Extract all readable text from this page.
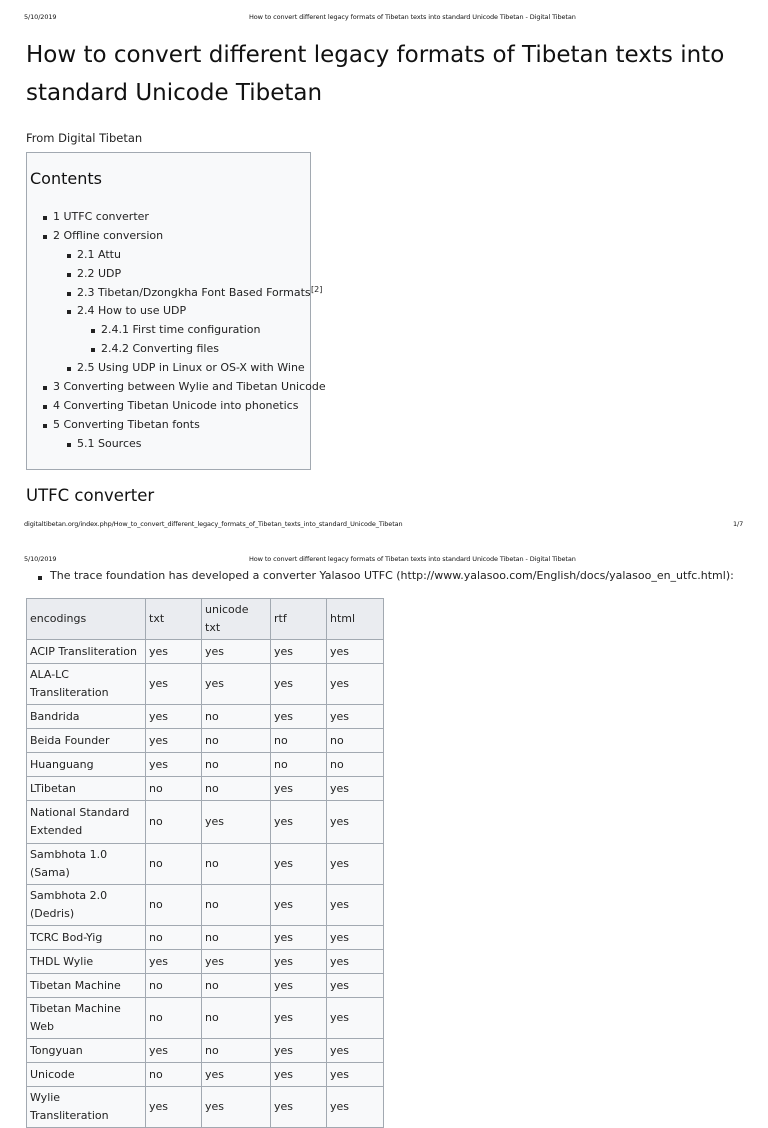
5/10/2019	How to convert different legacy formats of Tibetan texts into standard Unicode Tibetan - Digital Tibetan
How to convert different legacy formats of Tibetan texts into standard Unicode Tibetan
From Digital Tibetan
Contents
1 UTFC converter
2 Offline conversion
2.1 Attu
2.2 UDP
2.3 Tibetan/Dzongkha Font Based Formats [2]
2.4 How to use UDP
2.4.1 First time configuration
2.4.2 Converting files
2.5 Using UDP in Linux or OS-X with Wine
3 Converting between Wylie and Tibetan Unicode
4 Converting Tibetan Unicode into phonetics
5 Converting Tibetan fonts
5.1 Sources
UTFC converter
digitaltibetan.org/index.php/How_to_convert_different_legacy_formats_of_Tibetan_texts_into_standard_Unicode_Tibetan	1/7
5/10/2019	How to convert different legacy formats of Tibetan texts into standard Unicode Tibetan - Digital Tibetan
The trace foundation has developed a converter Yalasoo UTFC (http://www.yalasoo.com/English/docs/yalasoo_en_utfc.html):
encodings	txt	unicode txt	rtf	html
ACIP Transliteration	yes	yes	yes	yes
ALA-LC Transliteration	yes	yes	yes	yes
Bandrida	yes	no	yes	yes
Beida Founder	yes	no	no	no
Huanguang	yes	no	no	no
LTibetan	no	no	yes	yes
National Standard Extended	no	yes	yes	yes
Sambhota 1.0 (Sama)	no	no	yes	yes
Sambhota 2.0 (Dedris)	no	no	yes	yes
TCRC Bod-Yig	no	no	yes	yes
THDL Wylie	yes	yes	yes	yes
Tibetan Machine	no	no	yes	yes
Tibetan Machine Web	no	no	yes	yes
Tongyuan	yes	no	yes	yes
Unicode	no	yes	yes	yes
Wylie Transliteration	yes	yes	yes	yes
